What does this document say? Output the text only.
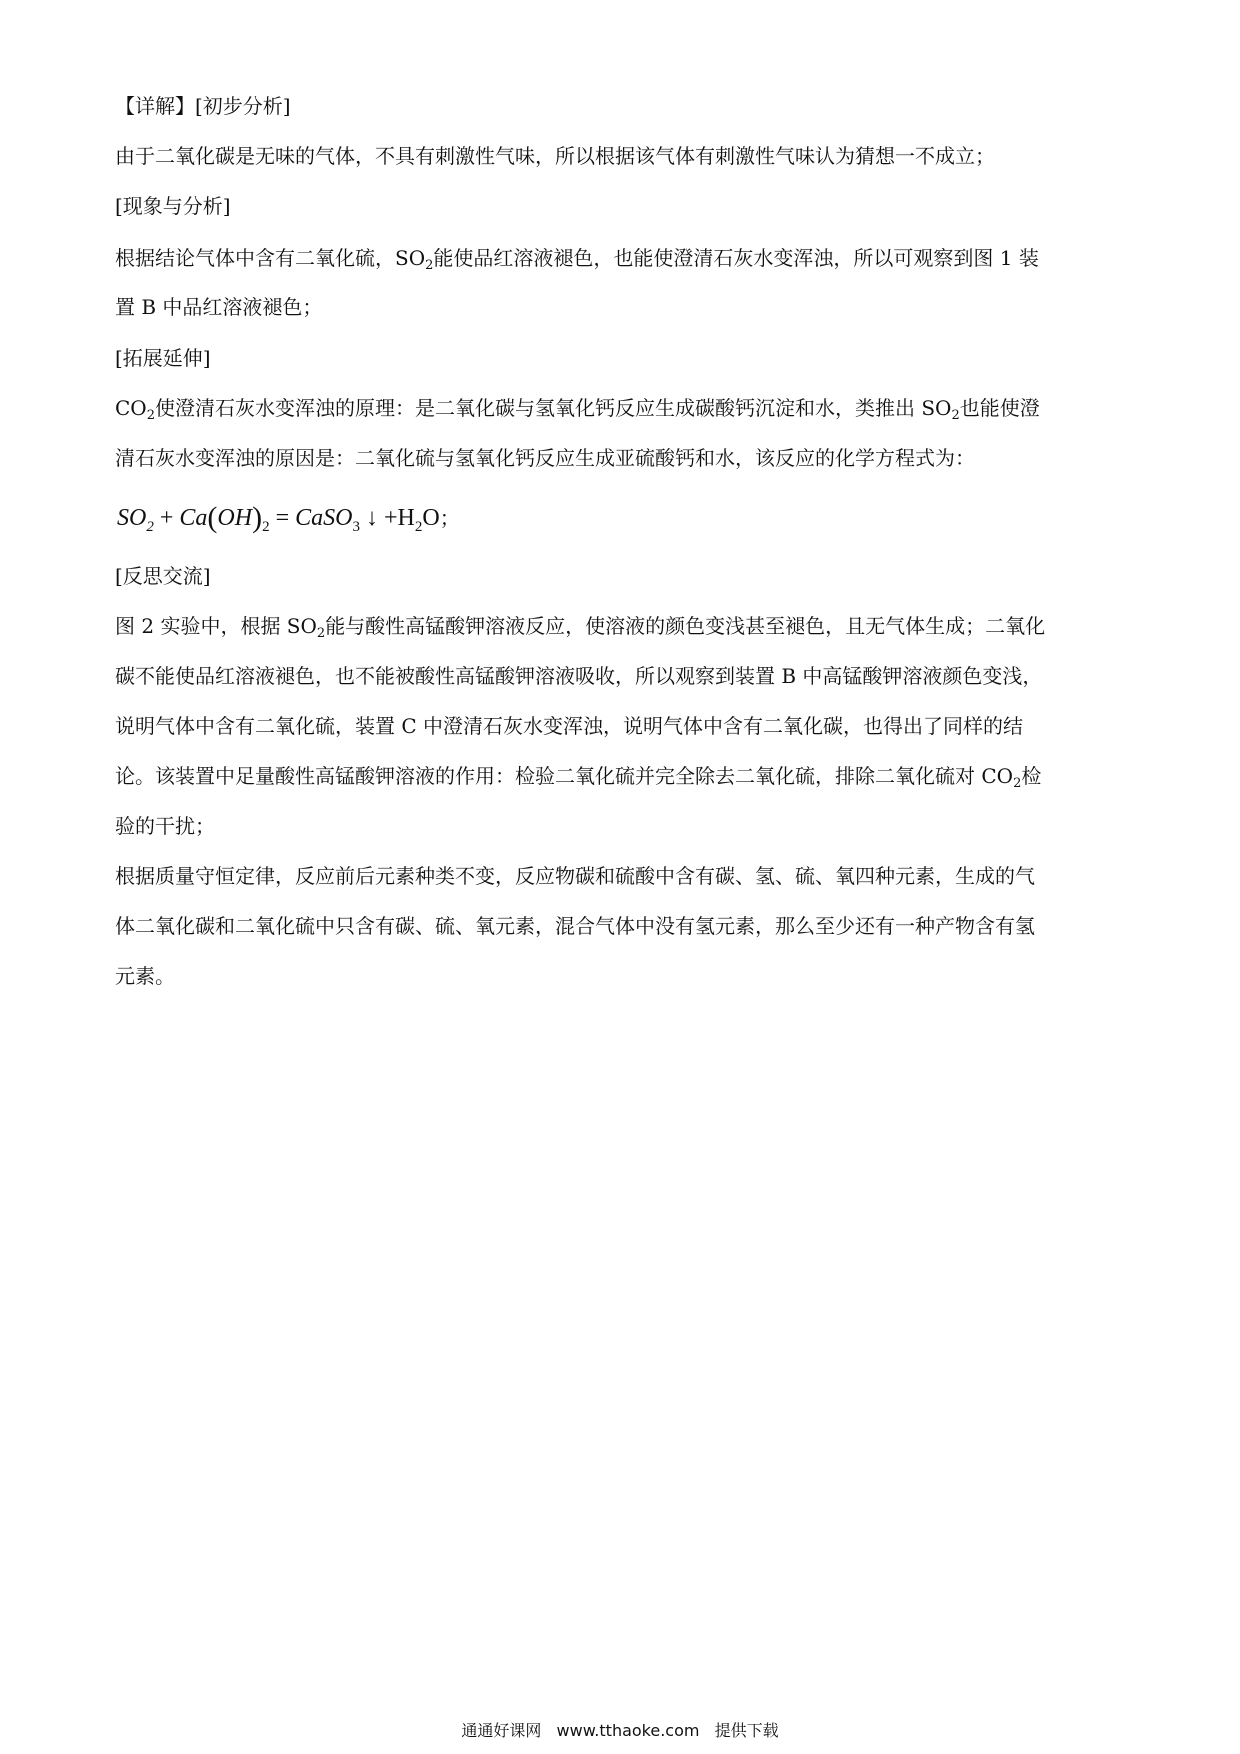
【详解】[初步分析]
由于二氧化碳是无味的气体，不具有刺激性气味，所以根据该气体有刺激性气味认为猜想一不成立；
[现象与分析]
根据结论气体中含有二氧化硫，$SO_2$能使品红溶液褪色，也能使澄清石灰水变浑浊，所以可观察到图 1 装
置 B 中品红溶液褪色；
[拓展延伸]
$CO_2$使澄清石灰水变浑浊的原理：是二氧化碳与氢氧化钙反应生成碳酸钙沉淀和水，类推出 $SO_2$也能使澄
清石灰水变浑浊的原因是：二氧化硫与氢氧化钙反应生成亚硫酸钙和水，该反应的化学方程式为：
$SO_2 + Ca(OH)_2$ = CaSO$_3$ ↓ $+H_2O$；
[反思交流]
图 2 实验中，根据 $SO_2$能与酸性高锰酸钾溶液反应，使溶液的颜色变浅甚至褪色，且无气体生成；二氧化
碳不能使品红溶液褪色，也不能被酸性高锰酸钾溶液吸收，所以观察到装置 B 中高锰酸钾溶液颜色变浅，
说明气体中含有二氧化硫，装置 C 中澄清石灰水变浑浊，说明气体中含有二氧化碳，也得出了同样的结
论。该装置中足量酸性高锰酸钾溶液的作用：检验二氧化硫并完全除去二氧化硫，排除二氧化硫对 $CO_2$检
验的干扰；
根据质量守恒定律，反应前后元素种类不变，反应物碳和硫酸中含有碳、氢、硫、氧四种元素，生成的气
体二氧化碳和二氧化硫中只含有碳、硫、氧元素，混合气体中没有氢元素，那么至少还有一种产物含有氢
元素。
通通好课网 www.tthaoke.com 提供下载
